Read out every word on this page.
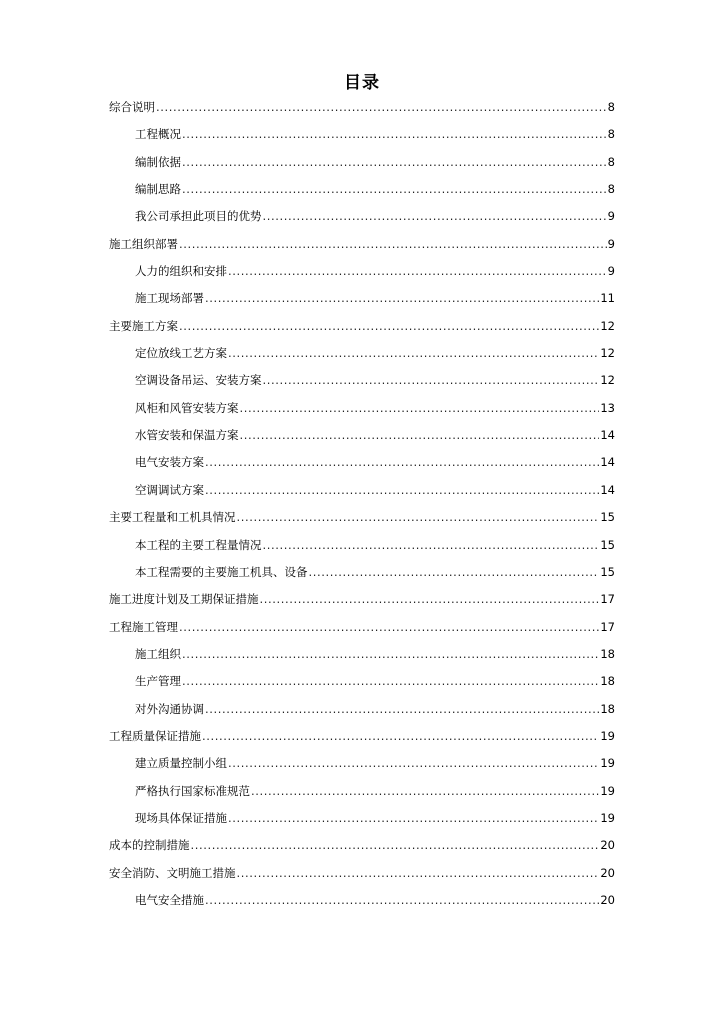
目录
综合说明 .....	8
工程概况 .....	8
编制依据 .....	8
编制思路 .....	8
我公司承担此项目的优势 .....	9
施工组织部署 .....	9
人力的组织和安排 .....	9
施工现场部署 .....	11
主要施工方案 .....	12
定位放线工艺方案 .....	12
空调设备吊运、安装方案 .....	12
风柜和风管安装方案 .....	13
水管安装和保温方案 .....	14
电气安装方案 .....	14
空调调试方案 .....	14
主要工程量和工机具情况 .....	15
本工程的主要工程量情况 .....	15
本工程需要的主要施工机具、设备 .....	15
施工进度计划及工期保证措施 .....	17
工程施工管理 .....	17
施工组织 .....	18
生产管理 .....	18
对外沟通协调 .....	18
工程质量保证措施 .....	19
建立质量控制小组 .....	19
严格执行国家标准规范 .....	19
现场具体保证措施 .....	19
成本的控制措施 .....	20
安全消防、文明施工措施 .....	20
电气安全措施 .....	20
